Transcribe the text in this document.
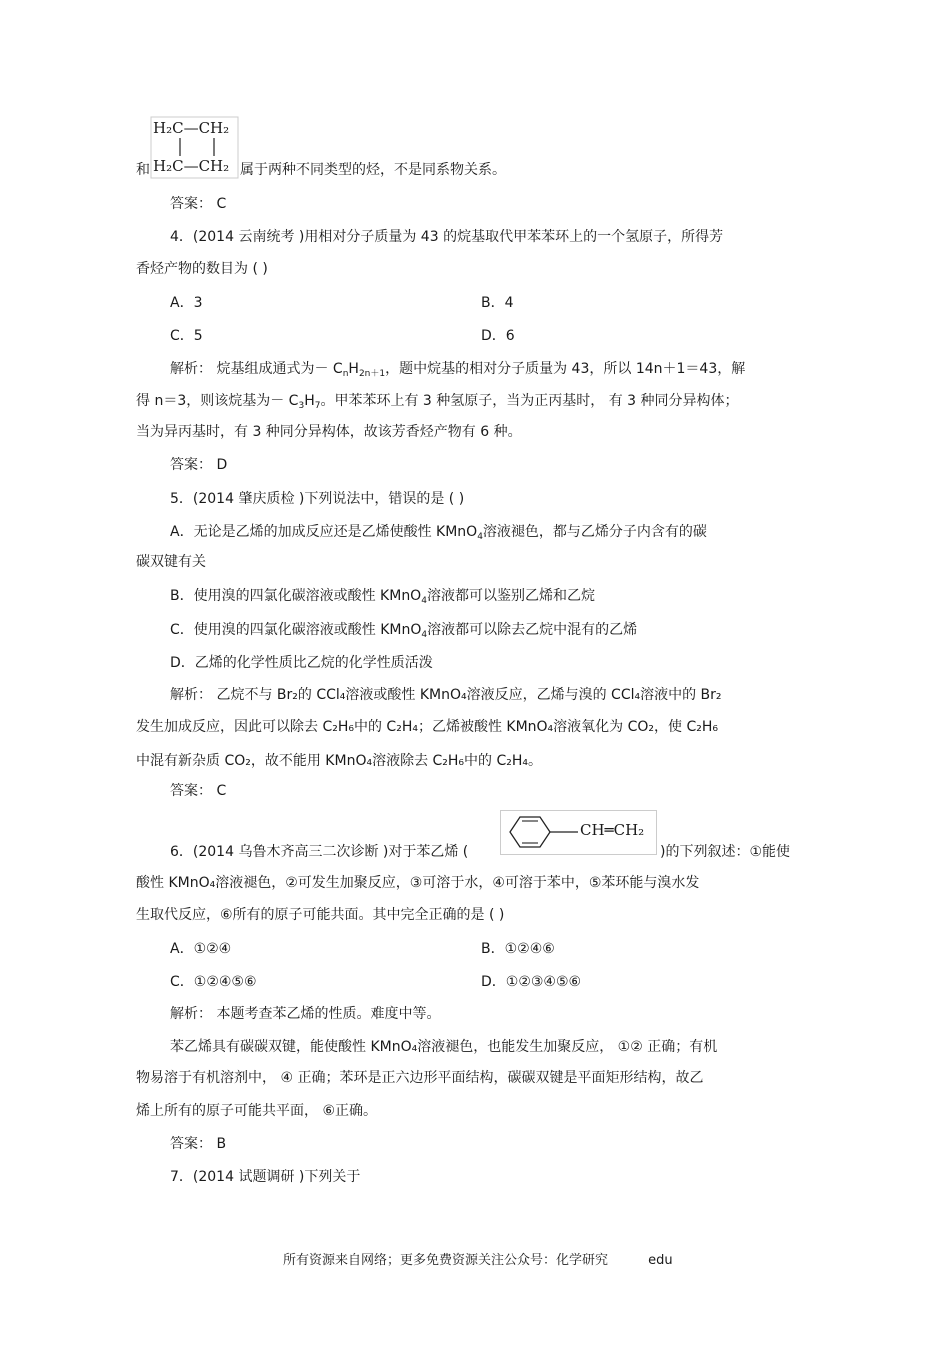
H₂C—CH₂
H₂C—CH₂
和	属于两种不同类型的烃，不是同系物关系。
答案： C
4．(2014 云南统考 )用相对分子质量为 43 的烷基取代甲苯苯环上的一个氢原子，所得芳
香烃产物的数目为 ( )
A．3	B．4
C．5	D．6
解析： 烷基组成通式为－ $C_nH_{2n+1}$，题中烷基的相对分子质量为 43，所以 14n＋1＝43，解
得 n＝3，则该烷基为－ $C_3H_7$。甲苯苯环上有 3 种氢原子，当为正丙基时， 有 3 种同分异构体；
当为异丙基时，有 3 种同分异构体，故该芳香烃产物有 6 种。
答案： D
5．(2014 肇庆质检 )下列说法中，错误的是 ( )
A．无论是乙烯的加成反应还是乙烯使酸性 KMnO$_4$溶液褪色，都与乙烯分子内含有的碳
碳双键有关
B．使用溴的四氯化碳溶液或酸性 KMnO$_4$溶液都可以鉴别乙烯和乙烷
C．使用溴的四氯化碳溶液或酸性 KMnO$_4$溶液都可以除去乙烷中混有的乙烯
D．乙烯的化学性质比乙烷的化学性质活泼
解析： 乙烷不与 Br₂的 CCl₄溶液或酸性 KMnO₄溶液反应，乙烯与溴的 CCl₄溶液中的 Br₂
发生加成反应，因此可以除去 C₂H₆中的 C₂H₄；乙烯被酸性 KMnO₄溶液氧化为 CO₂，使 C₂H₆
中混有新杂质 CO₂，故不能用 KMnO₄溶液除去 C₂H₆中的 C₂H₄。
答案： C
6．(2014 乌鲁木齐高三二次诊断 )对于苯乙烯 (
CH═CH₂
)的下列叙述：①能使
酸性 KMnO₄溶液褪色，②可发生加聚反应，③可溶于水，④可溶于苯中，⑤苯环能与溴水发
生取代反应，⑥所有的原子可能共面。其中完全正确的是 ( )
A．①②④	B．①②④⑥
C．①②④⑤⑥	D．①②③④⑤⑥
解析： 本题考查苯乙烯的性质。难度中等。
苯乙烯具有碳碳双键，能使酸性 KMnO₄溶液褪色，也能发生加聚反应， ①② 正确；有机
物易溶于有机溶剂中， ④ 正确；苯环是正六边形平面结构，碳碳双键是平面矩形结构，故乙
烯上所有的原子可能共平面， ⑥正确。
答案： B
7．(2014 试题调研 )下列关于
所有资源来自网络；更多免费资源关注公众号：化学研究	edu
